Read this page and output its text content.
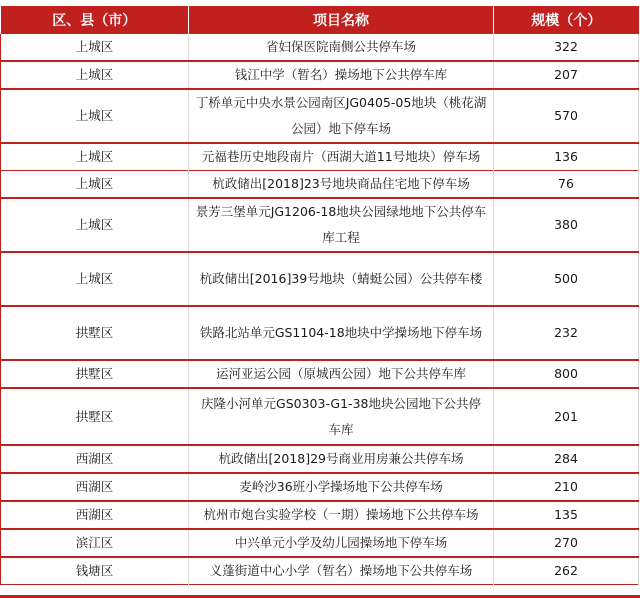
区、县（市）	项目名称	规模（个）
上城区	省妇保医院南侧公共停车场	322
上城区	钱江中学（暂名）操场地下公共停车库	207
上城区	丁桥单元中央水景公园南区JG0405-05地块（桃花湖公园）地下停车场	570
上城区	元福巷历史地段南片（西湖大道11号地块）停车场	136
上城区	杭政储出[2018]23号地块商品住宅地下停车场	76
上城区	景芳三堡单元JG1206-18地块公园绿地地下公共停车库工程	380
上城区	杭政储出[2016]39号地块（蜻蜓公园）公共停车楼	500
拱墅区	铁路北站单元GS1104-18地块中学操场地下停车场	232
拱墅区	运河亚运公园（原城西公园）地下公共停车库	800
拱墅区	庆隆小河单元GS0303-G1-38地块公园地下公共停车库	201
西湖区	杭政储出[2018]29号商业用房兼公共停车场	284
西湖区	麦岭沙36班小学操场地下公共停车场	210
西湖区	杭州市炮台实验学校（一期）操场地下公共停车场	135
滨江区	中兴单元小学及幼儿园操场地下停车场	270
钱塘区	义蓬街道中心小学（暂名）操场地下公共停车场	262
